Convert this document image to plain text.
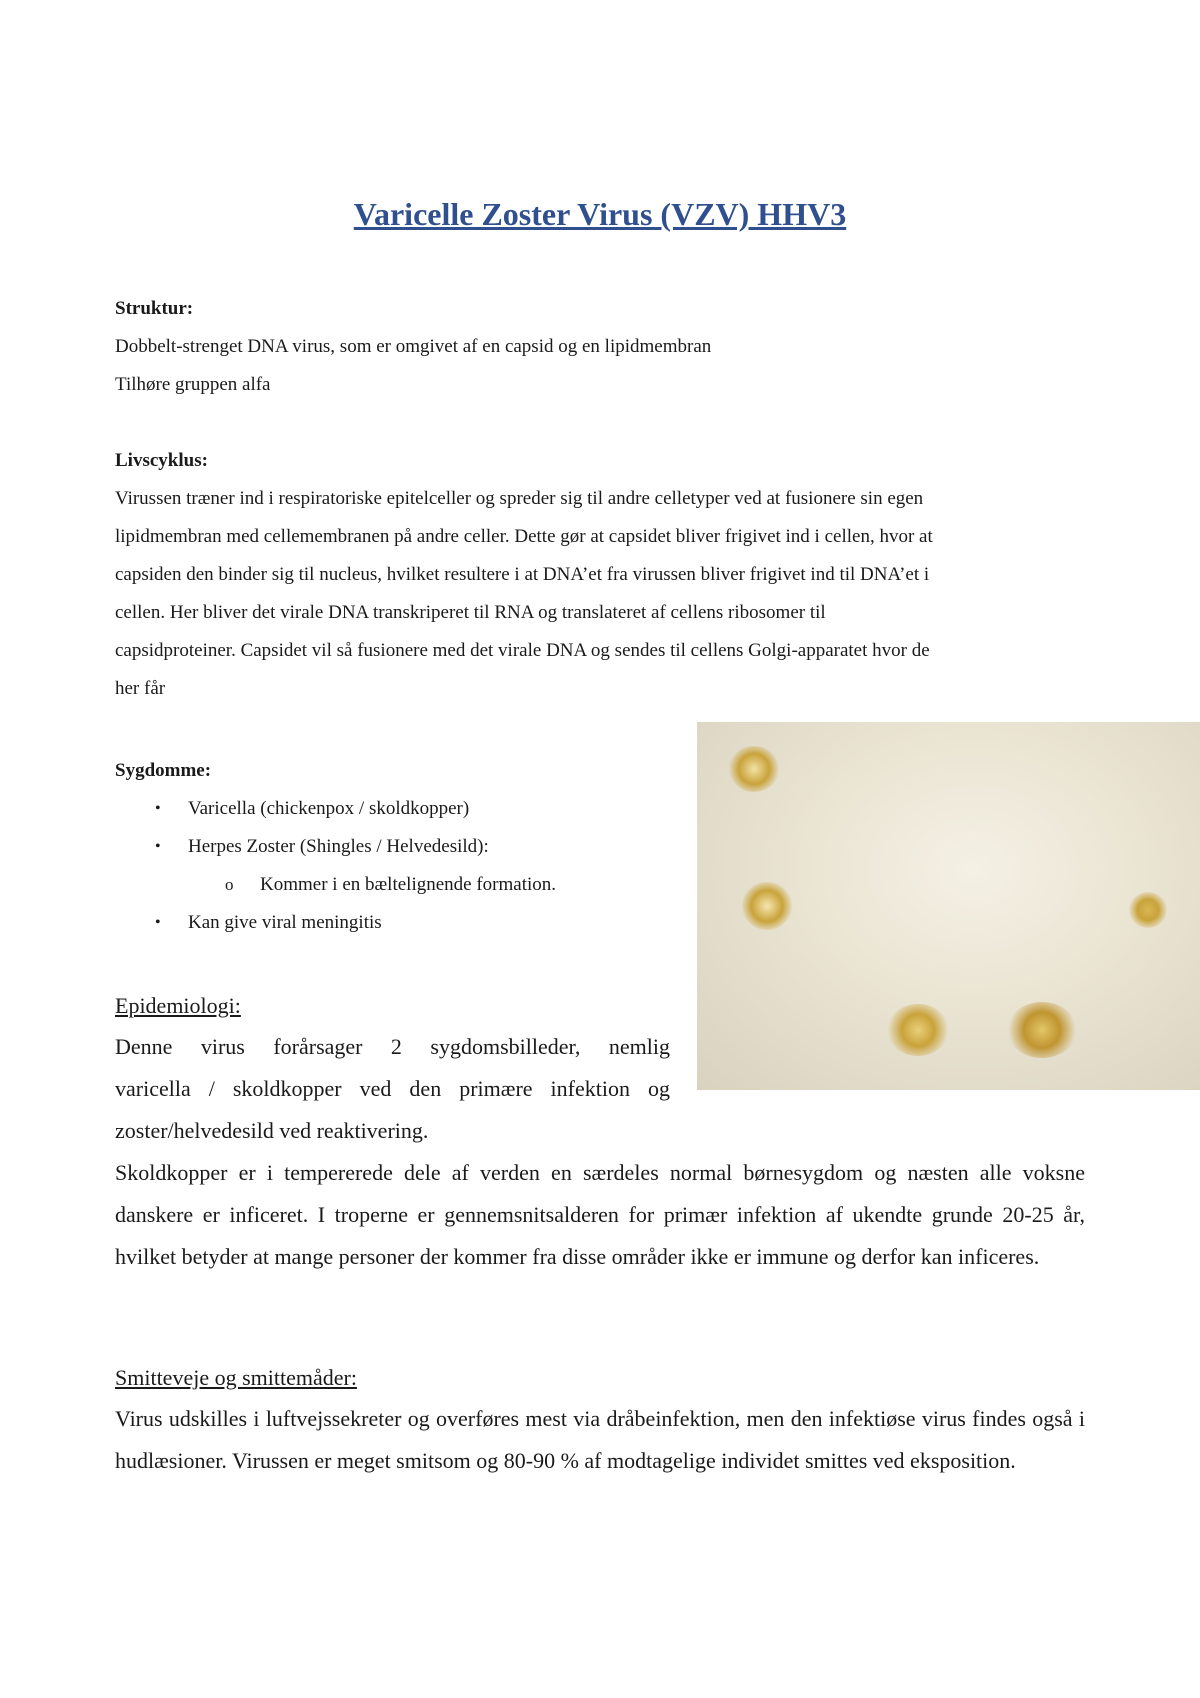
Varicelle Zoster Virus (VZV) HHV3

Struktur:

Dobbelt-strenget DNA virus, som er omgivet af en capsid og en lipidmembran

Tilhøre gruppen alfa

Livscyklus:

Virussen træner ind i respiratoriske epitelceller og spreder sig til andre celletyper ved at fusionere sin egen

lipidmembran med cellemembranen på andre celler. Dette gør at capsidet bliver frigivet ind i cellen, hvor at

capsiden den binder sig til nucleus, hvilket resultere i at DNA’et fra virussen bliver frigivet ind til DNA’et i

cellen. Her bliver det virale DNA transkriperet til RNA og translateret af cellens ribosomer til

capsidproteiner. Capsidet vil så fusionere med det virale DNA og sendes til cellens Golgi-apparatet hvor de

her får

Sygdomme:

•	Varicella (chickenpox / skoldkopper)
•	Herpes Zoster (Shingles / Helvedesild):
o	Kommer i en bæltelignende formation.
•	Kan give viral meningitis

Epidemiologi:

Denne virus forårsager 2 sygdomsbilleder, nemlig

varicella / skoldkopper ved den primære infektion og

zoster/helvedesild ved reaktivering.

Skoldkopper er i tempererede dele af verden en særdeles normal børnesygdom og næsten alle voksne danskere er inficeret. I troperne er gennemsnitsalderen for primær infektion af ukendte grunde 20-25 år, hvilket betyder at mange personer der kommer fra disse områder ikke er immune og derfor kan inficeres.

Smitteveje og smittemåder:

Virus udskilles i luftvejssekreter og overføres mest via dråbeinfektion, men den infektiøse virus findes også i hudlæsioner. Virussen er meget smitsom og 80-90 % af modtagelige individet smittes ved eksposition.
